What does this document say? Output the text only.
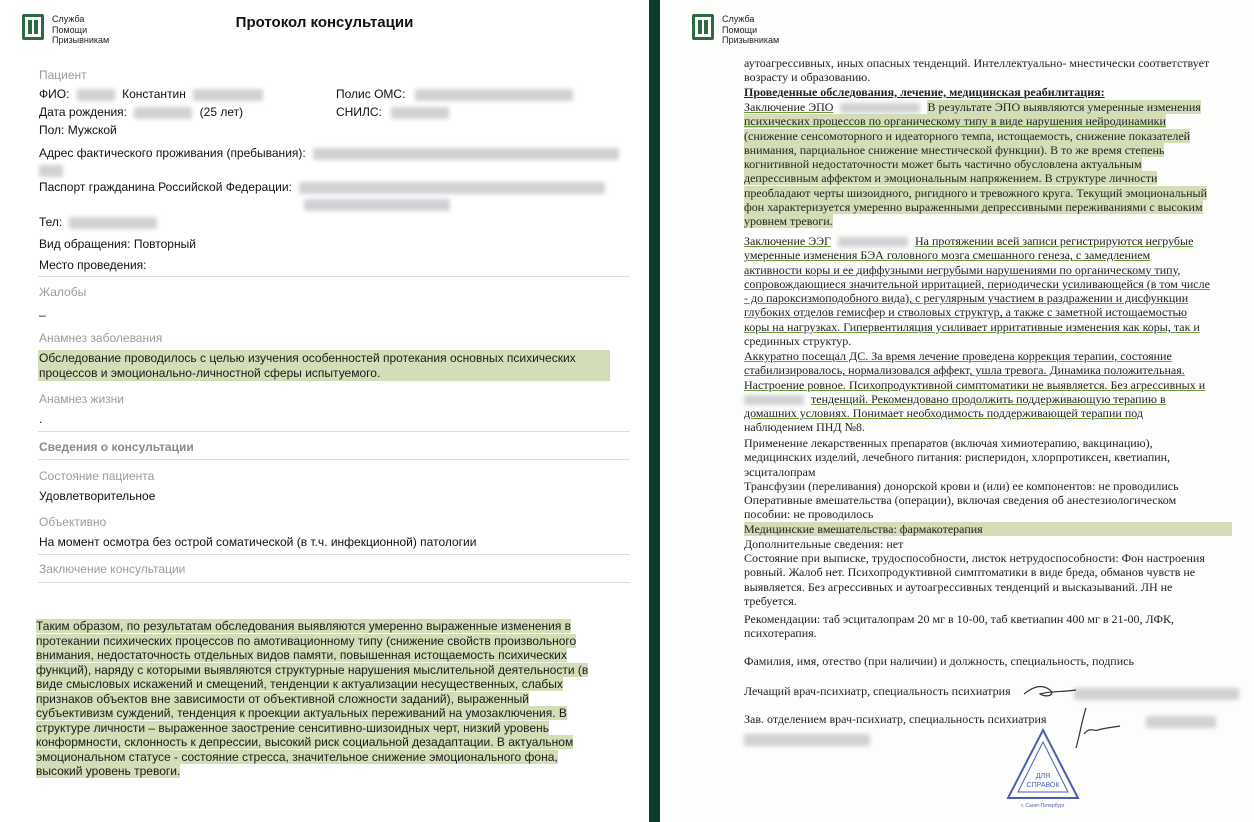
Служба
Помощи
Призывникам
Протокол консультации
Пациент
ФИО:	Константин	Полис ОМС:
Дата рождения:	(25 лет)	СНИЛС:
Пол: Мужской
Адрес фактического проживания (пребывания):
Паспорт гражданина Российской Федерации:
Тел:
Вид обращения: Повторный
Место проведения:
Жалобы
–
Анамнез заболевания
Обследование проводилось с целью изучения особенностей протекания основных психических
процессов и эмоционально-личностной сферы испытуемого.
Анамнез жизни
.
Сведения о консультации
Состояние пациента
Удовлетворительное
Объективно
На момент осмотра без острой соматической (в т.ч. инфекционной) патологии
Заключение консультации
Таким образом, по результатам обследования выявляются умеренно выраженные изменения в
протекании психических процессов по амотивационному типу (снижение свойств произвольного
внимания, недостаточность отдельных видов памяти, повышенная истощаемость психических
функций), наряду с которыми выявляются структурные нарушения мыслительной деятельности (в
виде смысловых искажений и смещений, тенденции к актуализации несущественных, слабых
признаков объектов вне зависимости от объективной сложности заданий), выраженный
субъективизм суждений, тенденция к проекции актуальных переживаний на умозаключения. В
структуре личности – выраженное заострение сенситивно-шизоидных черт, низкий уровень
конформности, склонность к депрессии, высокий риск социальной дезадаптации. В актуальном
эмоциональном статусе - состояние стресса, значительное снижение эмоционального фона,
высокий уровень тревоги.
Служба
Помощи
Призывникам
аутоагрессивных, иных опасных тенденций. Интеллектуально- мнестически соответствует
возрасту и образованию.
Проведенные обследования, лечение, медицинская реабилитация:
Заключение ЭПО	В результате ЭПО выявляются умеренные изменения
психических процессов по органическому типу в виде нарушения нейродинамики
(снижение сенсомоторного и идеаторного темпа, истощаемость, снижение показателей
внимания, парциальное снижение мнестической функции). В то же время степень
когнитивной недостаточности может быть частично обусловлена актуальным
депрессивным аффектом и эмоциональным напряжением. В структуре личности
преобладают черты шизоидного, ригидного и тревожного круга. Текущий эмоциональный
фон характеризуется умеренно выраженными депрессивными переживаниями с высоким
уровнем тревоги.
Заключение ЭЭГ	На протяжении всей записи регистрируются негрубые
умеренные изменения БЭА головного мозга смешанного генеза, с замедлением
активности коры и ее диффузными негрубыми нарушениями по органическому типу,
сопровождающиеся значительной ирритацией, периодически усиливающейся (в том числе
- до пароксизмоподобного вида), с регулярным участием в раздражении и дисфункции
глубоких отделов гемисфер и стволовых структур, а также с заметной истощаемостью
коры на нагрузках. Гипервентиляция усиливает ирритативные изменения как коры, так и
срединных структур.
Аккуратно посещал ДС. За время лечение проведена коррекция терапии, состояние
стабилизировалось, нормализовался аффект, ушла тревога. Динамика положительная.
Настроение ровное. Психопродуктивной симптоматики не выявляется. Без агрессивных и
тенденций. Рекомендовано продолжить поддерживающую терапию в
домашних условиях. Понимает необходимость поддерживающей терапии под
наблюдением ПНД №8.
Применение лекарственных препаратов (включая химиотерапию, вакцинацию),
медицинских изделий, лечебного питания: рисперидон, хлорпротиксен, кветиапин,
эсциталопрам
Трансфузии (переливания) донорской крови и (или) ее компонентов: не проводились
Оперативные вмешательства (операции), включая сведения об анестезиологическом
пособии: не проводилось
Медицинские вмешательства: фармакотерапия
Дополнительные сведения: нет
Состояние при выписке, трудоспособности, листок нетрудоспособности: Фон настроения
ровный. Жалоб нет. Психопродуктивной симптоматики в виде бреда, обманов чувств не
выявляется. Без агрессивных и аутоагрессивных тенденций и высказываний. ЛН не
требуется.
Рекомендации: таб эсциталопрам 20 мг в 10-00, таб кветиапин 400 мг в 21-00, ЛФК,
психотерапия.
Фамилия, имя, отество (при наличии) и должность, специальность, подпись
Лечащий врач-психиатр, специальность психиатрия
Зав. отделением врач-психиатр, специальность психиатрия
ДЛЯ
СПРАВОК
г. Санкт-Петербург
